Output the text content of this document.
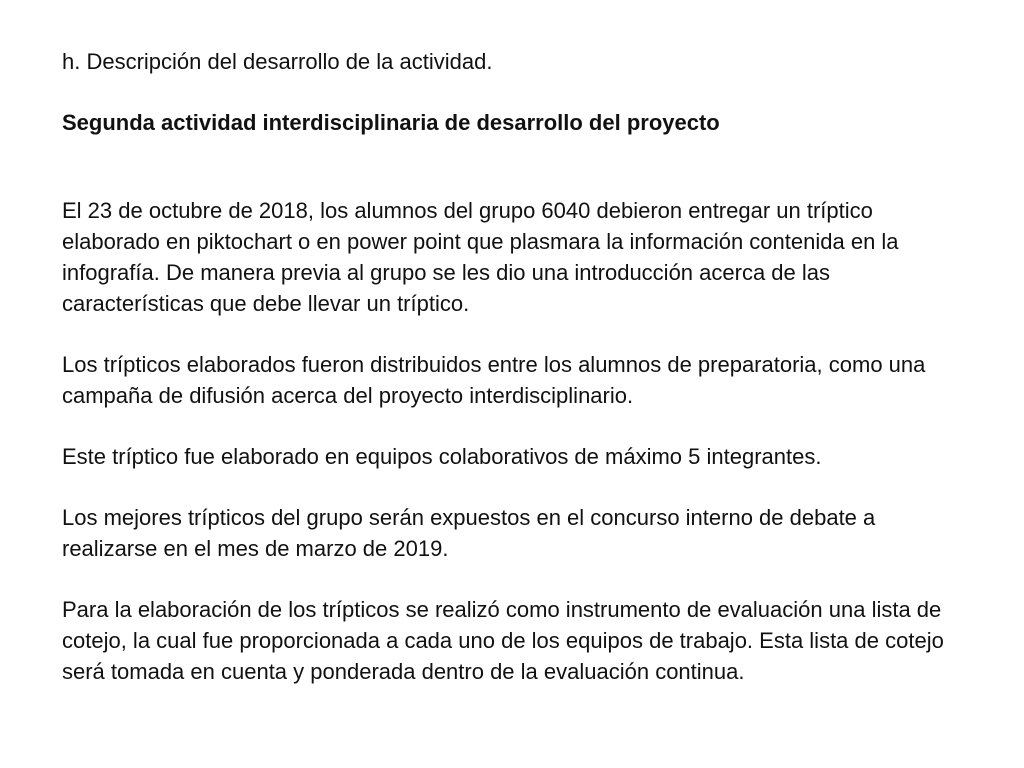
h. Descripción del desarrollo de la actividad.

Segunda actividad interdisciplinaria de desarrollo del proyecto

El 23 de octubre de 2018, los alumnos del grupo 6040 debieron entregar un tríptico elaborado en piktochart o en power point que plasmara la información contenida en la infografía. De manera previa al grupo se les dio una introducción acerca de las características que debe llevar un tríptico.

Los trípticos elaborados fueron distribuidos entre los alumnos de preparatoria, como una campaña de difusión acerca del proyecto interdisciplinario.

Este tríptico fue elaborado en equipos colaborativos de máximo 5 integrantes.

Los mejores trípticos del grupo serán expuestos en el concurso interno de debate a realizarse en el mes de marzo de 2019.

Para la elaboración de los trípticos se realizó como instrumento de evaluación una lista de cotejo, la cual fue proporcionada a cada uno de los equipos de trabajo. Esta lista de cotejo será tomada en cuenta y ponderada dentro de la evaluación continua.
